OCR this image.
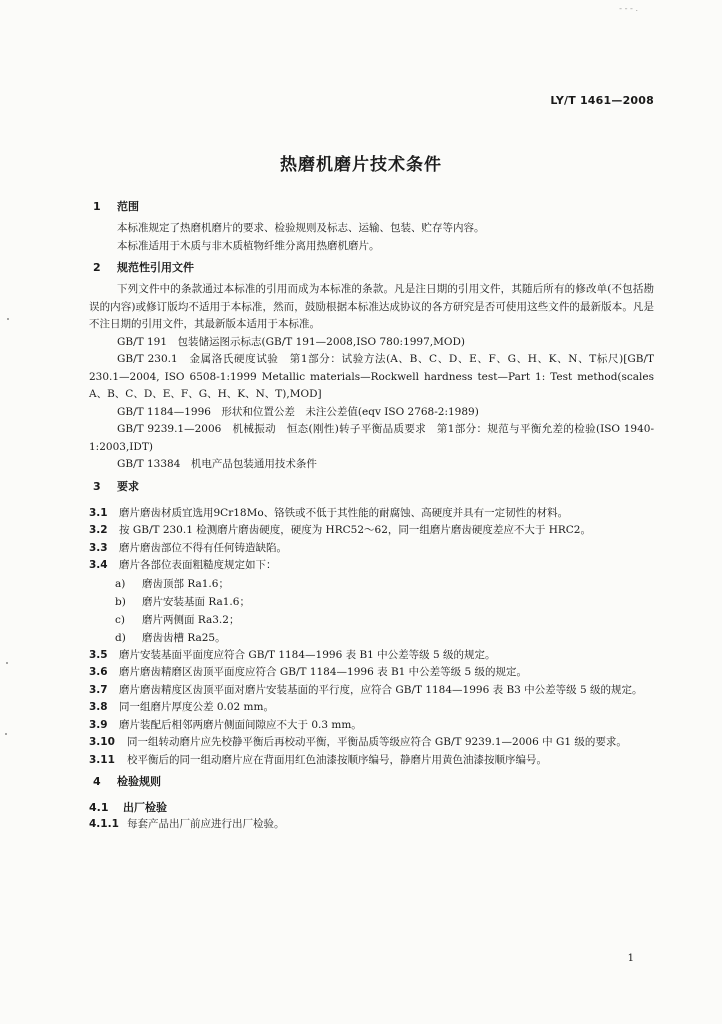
- - - .
LY/T 1461—2008
热磨机磨片技术条件
1 范围
本标准规定了热磨机磨片的要求、检验规则及标志、运输、包装、贮存等内容。
本标准适用于木质与非木质植物纤维分离用热磨机磨片。
2 规范性引用文件
下列文件中的条款通过本标准的引用而成为本标准的条款。凡是注日期的引用文件，其随后所有的修改单(不包括勘误的内容)或修订版均不适用于本标准，然而，鼓励根据本标准达成协议的各方研究是否可使用这些文件的最新版本。凡是不注日期的引用文件，其最新版本适用于本标准。
GB/T 191　包装储运图示标志(GB/T 191—2008,ISO 780:1997,MOD)
GB/T 230.1　金属洛氏硬度试验　第1部分：试验方法(A、B、C、D、E、F、G、H、K、N、T标尺)[GB/T 230.1—2004, ISO 6508-1:1999 Metallic materials—Rockwell hardness test—Part 1: Test method(scales A、B、C、D、E、F、G、H、K、N、T),MOD]
GB/T 1184—1996　形状和位置公差　未注公差值(eqv ISO 2768-2:1989)
GB/T 9239.1—2006　机械振动　恒态(刚性)转子平衡品质要求　第1部分：规范与平衡允差的检验(ISO 1940-1:2003,IDT)
GB/T 13384　机电产品包装通用技术条件
3 要求
3.1 磨片磨齿材质宜选用9Cr18Mo、铬铁或不低于其性能的耐腐蚀、高硬度并具有一定韧性的材料。
3.2 按 GB/T 230.1 检测磨片磨齿硬度，硬度为 HRC52～62，同一组磨片磨齿硬度差应不大于 HRC2。
3.3 磨片磨齿部位不得有任何铸造缺陷。
3.4 磨片各部位表面粗糙度规定如下：
a) 磨齿顶部 Ra1.6；
b) 磨片安装基面 Ra1.6；
c) 磨片两侧面 Ra3.2；
d) 磨齿齿槽 Ra25。
3.5 磨片安装基面平面度应符合 GB/T 1184—1996 表 B1 中公差等级 5 级的规定。
3.6 磨片磨齿精磨区齿顶平面度应符合 GB/T 1184—1996 表 B1 中公差等级 5 级的规定。
3.7 磨片磨齿精度区齿顶平面对磨片安装基面的平行度，应符合 GB/T 1184—1996 表 B3 中公差等级 5 级的规定。
3.8 同一组磨片厚度公差 0.02 mm。
3.9 磨片装配后相邻两磨片侧面间隙应不大于 0.3 mm。
3.10 同一组转动磨片应先校静平衡后再校动平衡，平衡品质等级应符合 GB/T 9239.1—2006 中 G1 级的要求。
3.11 校平衡后的同一组动磨片应在背面用红色油漆按顺序编号，静磨片用黄色油漆按顺序编号。
4 检验规则
4.1 出厂检验
4.1.1 每套产品出厂前应进行出厂检验。
1
